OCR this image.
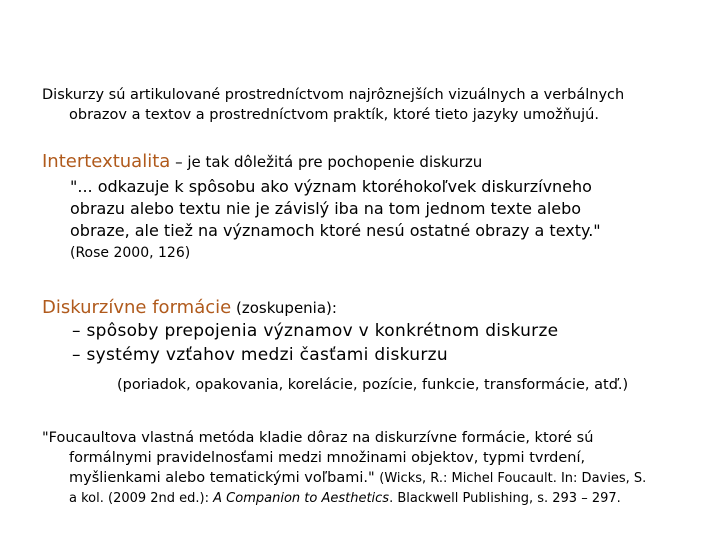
Diskurzy sú artikulované prostredníctvom najrôznejších vizuálnych a verbálnych
obrazov a textov a prostredníctvom praktík, ktoré tieto jazyky umožňujú.
Intertextualita – je tak dôležitá pre pochopenie diskurzu
"... odkazuje k spôsobu ako význam ktoréhokoľvek diskurzívneho
obrazu alebo textu nie je závislý iba na tom jednom texte alebo
obraze, ale tiež na významoch ktoré nesú ostatné obrazy a texty."
(Rose 2000, 126)
Diskurzívne formácie (zoskupenia):
– spôsoby prepojenia významov v konkrétnom diskurze
– systémy vzťahov medzi časťami diskurzu
(poriadok, opakovania, korelácie, pozície, funkcie, transformácie, atď.)
"Foucaultova vlastná metóda kladie dôraz na diskurzívne formácie, ktoré sú
formálnymi pravidelnosťami medzi množinami objektov, typmi tvrdení,
myšlienkami alebo tematickými voľbami." (Wicks, R.: Michel Foucault. In: Davies, S.
a kol. (2009 2nd ed.): A Companion to Aesthetics. Blackwell Publishing, s. 293 – 297.
